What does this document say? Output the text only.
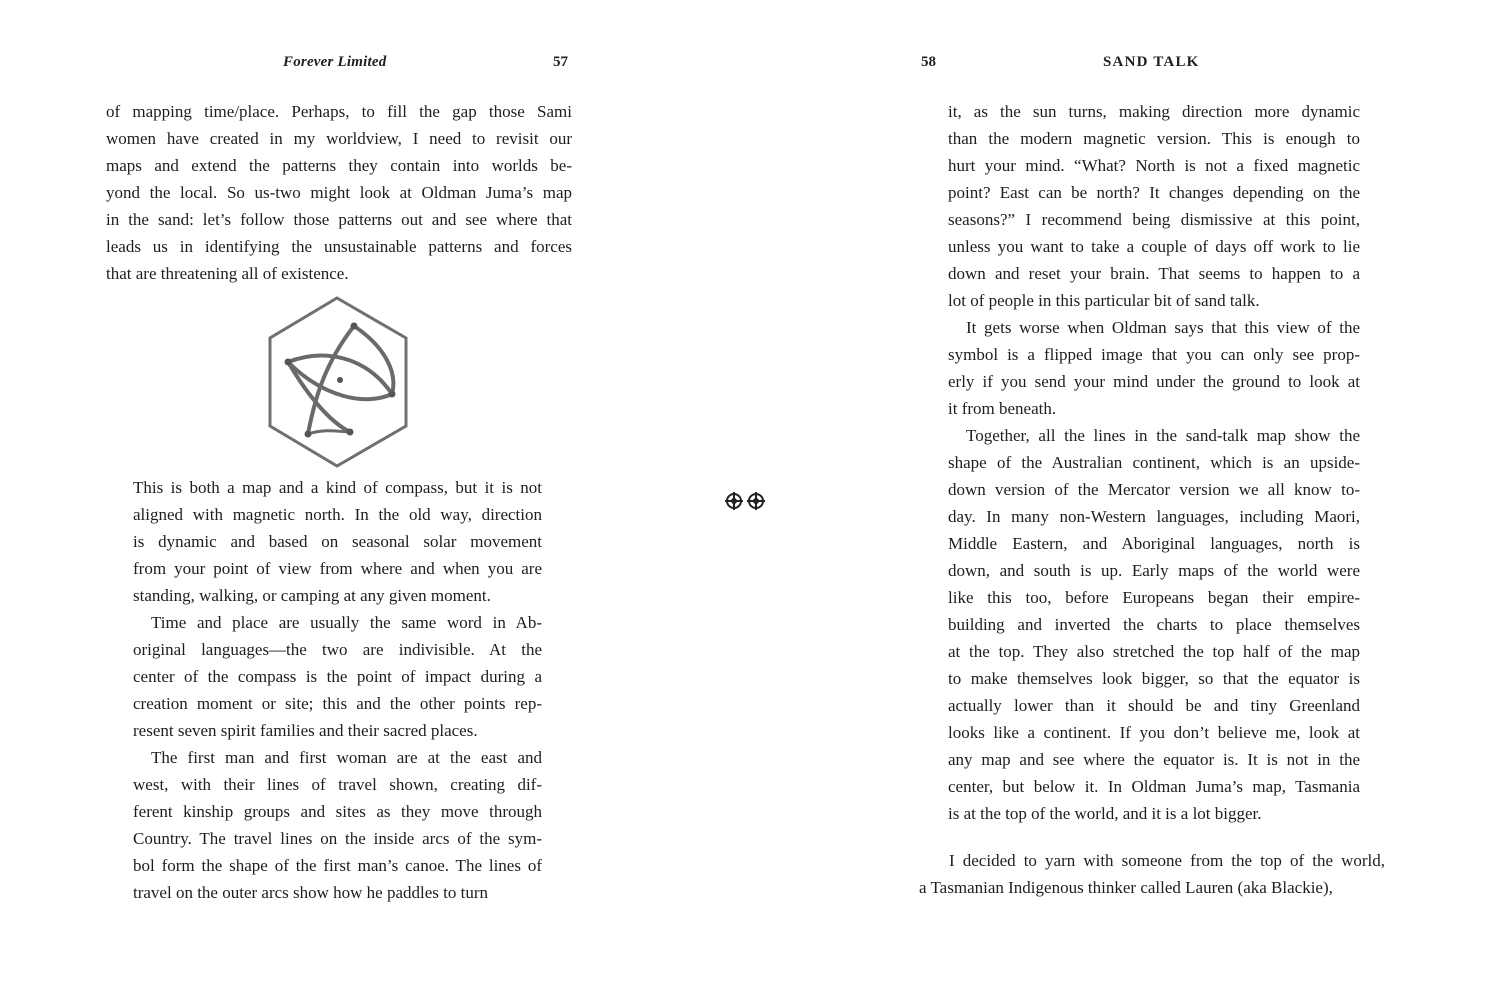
Forever Limited	57
of mapping time/place. Perhaps, to fill the gap those Sami
women have created in my worldview, I need to revisit our
maps and extend the patterns they contain into worlds be-
yond the local. So us-two might look at Oldman Juma’s map
in the sand: let’s follow those patterns out and see where that
leads us in identifying the unsustainable patterns and forces
that are threatening all of existence.
This is both a map and a kind of compass, but it is not
aligned with magnetic north. In the old way, direction
is dynamic and based on seasonal solar movement
from your point of view from where and when you are
standing, walking, or camping at any given moment.
Time and place are usually the same word in Ab-
original languages—the two are indivisible. At the
center of the compass is the point of impact during a
creation moment or site; this and the other points rep-
resent seven spirit families and their sacred places.
The first man and first woman are at the east and
west, with their lines of travel shown, creating dif-
ferent kinship groups and sites as they move through
Country. The travel lines on the inside arcs of the sym-
bol form the shape of the first man’s canoe. The lines of
travel on the outer arcs show how he paddles to turn
58	SAND TALK
it, as the sun turns, making direction more dynamic
than the modern magnetic version. This is enough to
hurt your mind. “What? North is not a fixed magnetic
point? East can be north? It changes depending on the
seasons?” I recommend being dismissive at this point,
unless you want to take a couple of days off work to lie
down and reset your brain. That seems to happen to a
lot of people in this particular bit of sand talk.
It gets worse when Oldman says that this view of the
symbol is a flipped image that you can only see prop-
erly if you send your mind under the ground to look at
it from beneath.
Together, all the lines in the sand-talk map show the
shape of the Australian continent, which is an upside-
down version of the Mercator version we all know to-
day. In many non-Western languages, including Maori,
Middle Eastern, and Aboriginal languages, north is
down, and south is up. Early maps of the world were
like this too, before Europeans began their empire-
building and inverted the charts to place themselves
at the top. They also stretched the top half of the map
to make themselves look bigger, so that the equator is
actually lower than it should be and tiny Greenland
looks like a continent. If you don’t believe me, look at
any map and see where the equator is. It is not in the
center, but below it. In Oldman Juma’s map, Tasmania
is at the top of the world, and it is a lot bigger.
I decided to yarn with someone from the top of the world,
a Tasmanian Indigenous thinker called Lauren (aka Blackie),
